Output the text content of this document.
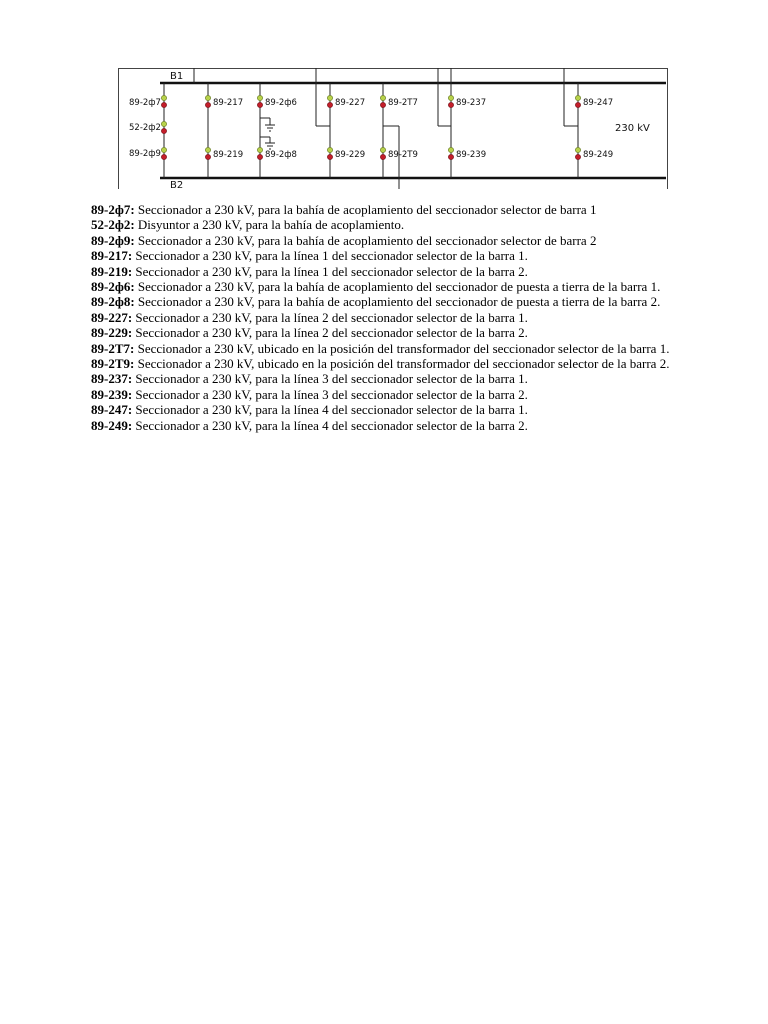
B1
B2
230 kV
89-2ф7
52-2ф2
89-2ф9
89-217
89-219
89-2ф6
89-2ф8
89-227
89-229
89-2T7
89-2T9
89-237
89-239
89-247
89-249
89-2ф7: Seccionador a 230 kV, para la bahía de acoplamiento del seccionador selector de barra 1
52-2ф2: Disyuntor a 230 kV, para la bahía de acoplamiento.
89-2ф9: Seccionador a 230 kV, para la bahía de acoplamiento del seccionador selector de barra 2
89-217: Seccionador a 230 kV, para la línea 1 del seccionador selector de la barra 1.
89-219: Seccionador a 230 kV, para la línea 1 del seccionador selector de la barra 2.
89-2ф6: Seccionador a 230 kV, para la bahía de acoplamiento del seccionador de puesta a tierra de la barra 1.
89-2ф8: Seccionador a 230 kV, para la bahía de acoplamiento del seccionador de puesta a tierra de la barra 2.
89-227: Seccionador a 230 kV, para la línea 2 del seccionador selector de la barra 1.
89-229: Seccionador a 230 kV, para la línea 2 del seccionador selector de la barra 2.
89-2T7: Seccionador a 230 kV, ubicado en la posición del transformador del seccionador selector de la barra 1.
89-2T9: Seccionador a 230 kV, ubicado en la posición del transformador del seccionador selector de la barra 2.
89-237: Seccionador a 230 kV, para la línea 3 del seccionador selector de la barra 1.
89-239: Seccionador a 230 kV, para la línea 3 del seccionador selector de la barra 2.
89-247: Seccionador a 230 kV, para la línea 4 del seccionador selector de la barra 1.
89-249: Seccionador a 230 kV, para la línea 4 del seccionador selector de la barra 2.
